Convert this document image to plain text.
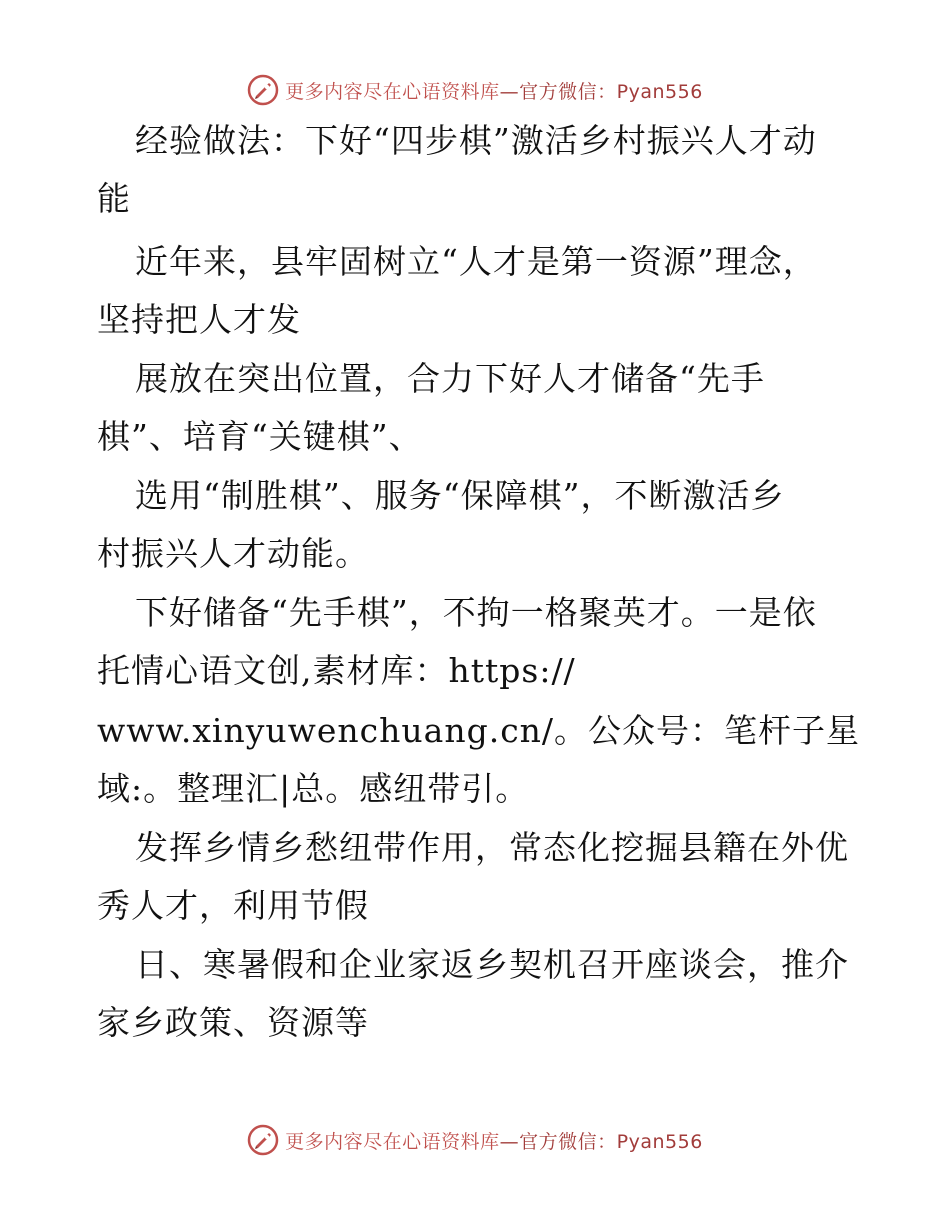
更多内容尽在心语资料库—官方微信：Pyan556
经验做法：下好“四步棋”激活乡村振兴人才动
能
近年来，县牢固树立“人才是第一资源”理念，
坚持把人才发
展放在突出位置，合力下好人才储备“先手
棋”、培育“关键棋”、
选用“制胜棋”、服务“保障棋”，不断激活乡
村振兴人才动能。
下好储备“先手棋”，不拘一格聚英才。一是依
托情心语文创,素材库：https://
www.xinyuwenchuang.cn/。公众号：笔杆子星
域:。整理汇|总。感纽带引。
发挥乡情乡愁纽带作用，常态化挖掘县籍在外优
秀人才，利用节假
日、寒暑假和企业家返乡契机召开座谈会，推介
家乡政策、资源等
更多内容尽在心语资料库—官方微信：Pyan556
